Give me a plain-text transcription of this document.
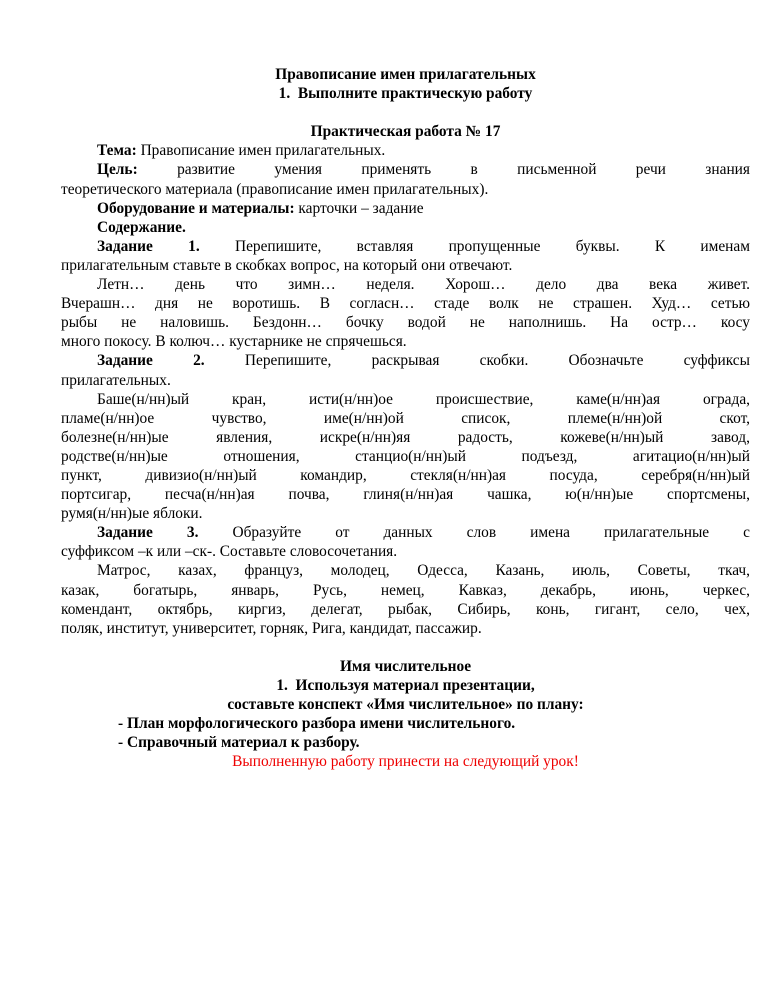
Правописание имен прилагательных
1.  Выполните практическую работу
Практическая работа № 17
Тема: Правописание имен прилагательных.
Цель: развитие умения применять в письменной речи знания
теоретического материала (правописание имен прилагательных).
Оборудование и материалы: карточки – задание
Содержание.
Задание 1. Перепишите, вставляя пропущенные буквы. К именам
прилагательным ставьте в скобках вопрос, на который они отвечают.
Летн… день что зимн… неделя. Хорош… дело два века живет.
Вчерашн… дня не воротишь. В согласн… стаде волк не страшен. Худ… сетью
рыбы не наловишь. Бездонн… бочку водой не наполнишь. На остр… косу
много покосу. В колюч… кустарнике не спрячешься.
Задание 2. Перепишите, раскрывая скобки. Обозначьте суффиксы
прилагательных.
Баше(н/нн)ый кран, исти(н/нн)ое происшествие, каме(н/нн)ая ограда,
пламе(н/нн)ое чувство, име(н/нн)ой список, племе(н/нн)ой скот,
болезне(н/нн)ые явления, искре(н/нн)яя радость, кожеве(н/нн)ый завод,
родстве(н/нн)ые отношения, станцио(н/нн)ый подъезд, агитацио(н/нн)ый
пункт, дивизио(н/нн)ый командир, стекля(н/нн)ая посуда, серебря(н/нн)ый
портсигар, песча(н/нн)ая почва, глиня(н/нн)ая чашка, ю(н/нн)ые спортсмены,
румя(н/нн)ые яблоки.
Задание 3. Образуйте от данных слов имена прилагательные с
суффиксом –к или –ск-. Составьте словосочетания.
Матрос, казах, француз, молодец, Одесса, Казань, июль, Советы, ткач,
казак, богатырь, январь, Русь, немец, Кавказ, декабрь, июнь, черкес,
комендант, октябрь, киргиз, делегат, рыбак, Сибирь, конь, гигант, село, чех,
поляк, институт, университет, горняк, Рига, кандидат, пассажир.
Имя числительное
1.  Используя материал презентации,
составьте конспект «Имя числительное» по плану:
- План морфологического разбора имени числительного.
- Справочный материал к разбору.
Выполненную работу принести на следующий урок!
